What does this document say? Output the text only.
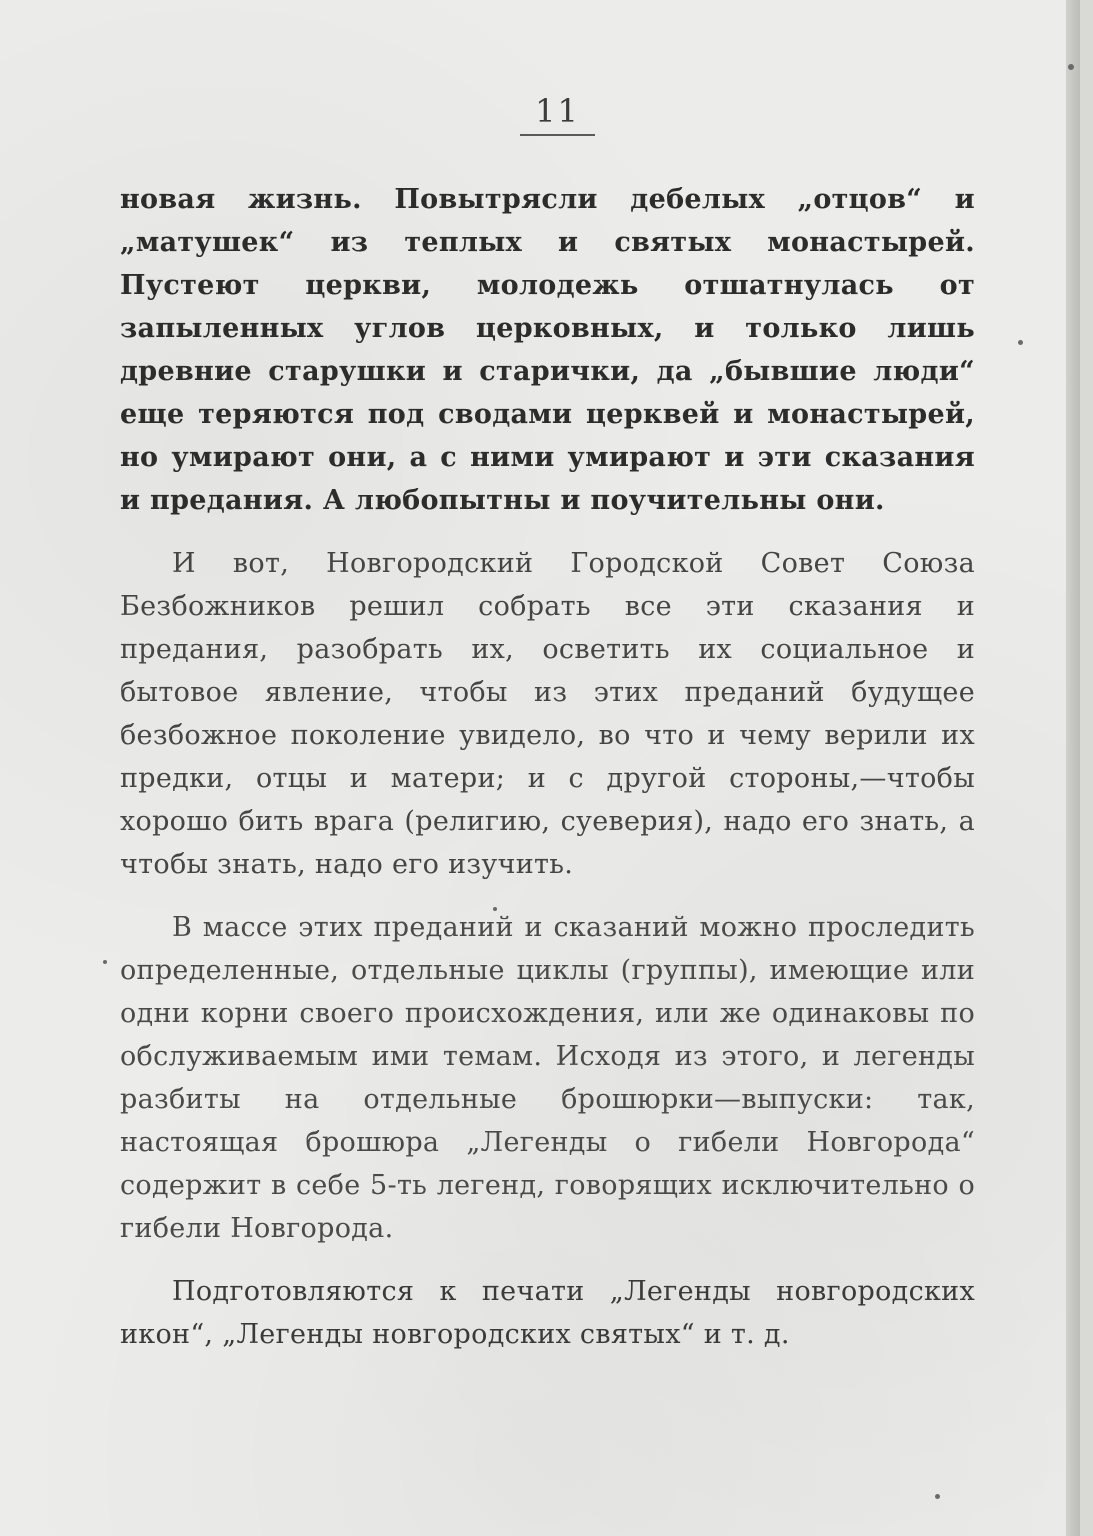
11

новая жизнь. Повытрясли дебелых „отцов“ и „матушек“ из теплых и святых монастырей. Пустеют церкви, молодежь отшатнулась от запыленных углов церковных, и только лишь древние старушки и старички, да „бывшие люди“ еще теряются под сводами церквей и монастырей, но умирают они, а с ними умирают и эти сказания и предания. А любопытны и поучительны они.

И вот, Новгородский Городской Совет Союза Безбожников решил собрать все эти сказания и предания, разобрать их, осветить их социальное и бытовое явление, чтобы из этих преданий будущее безбожное поколение увидело, во что и чему верили их предки, отцы и матери; и с другой стороны,—чтобы хорошо бить врага (религию, суеверия), надо его знать, а чтобы знать, надо его изучить.

В массе этих преданий и сказаний можно проследить определенные, отдельные циклы (группы), имеющие или одни корни своего происхождения, или же одинаковы по обслуживаемым ими темам. Исходя из этого, и легенды разбиты на отдельные брошюрки—выпуски: так, настоящая брошюра „Легенды о гибели Новгорода“ содержит в себе 5-ть легенд, говорящих исключительно о гибели Новгорода.

Подготовляются к печати „Легенды новгородских икон“, „Легенды новгородских святых“ и т. д.
